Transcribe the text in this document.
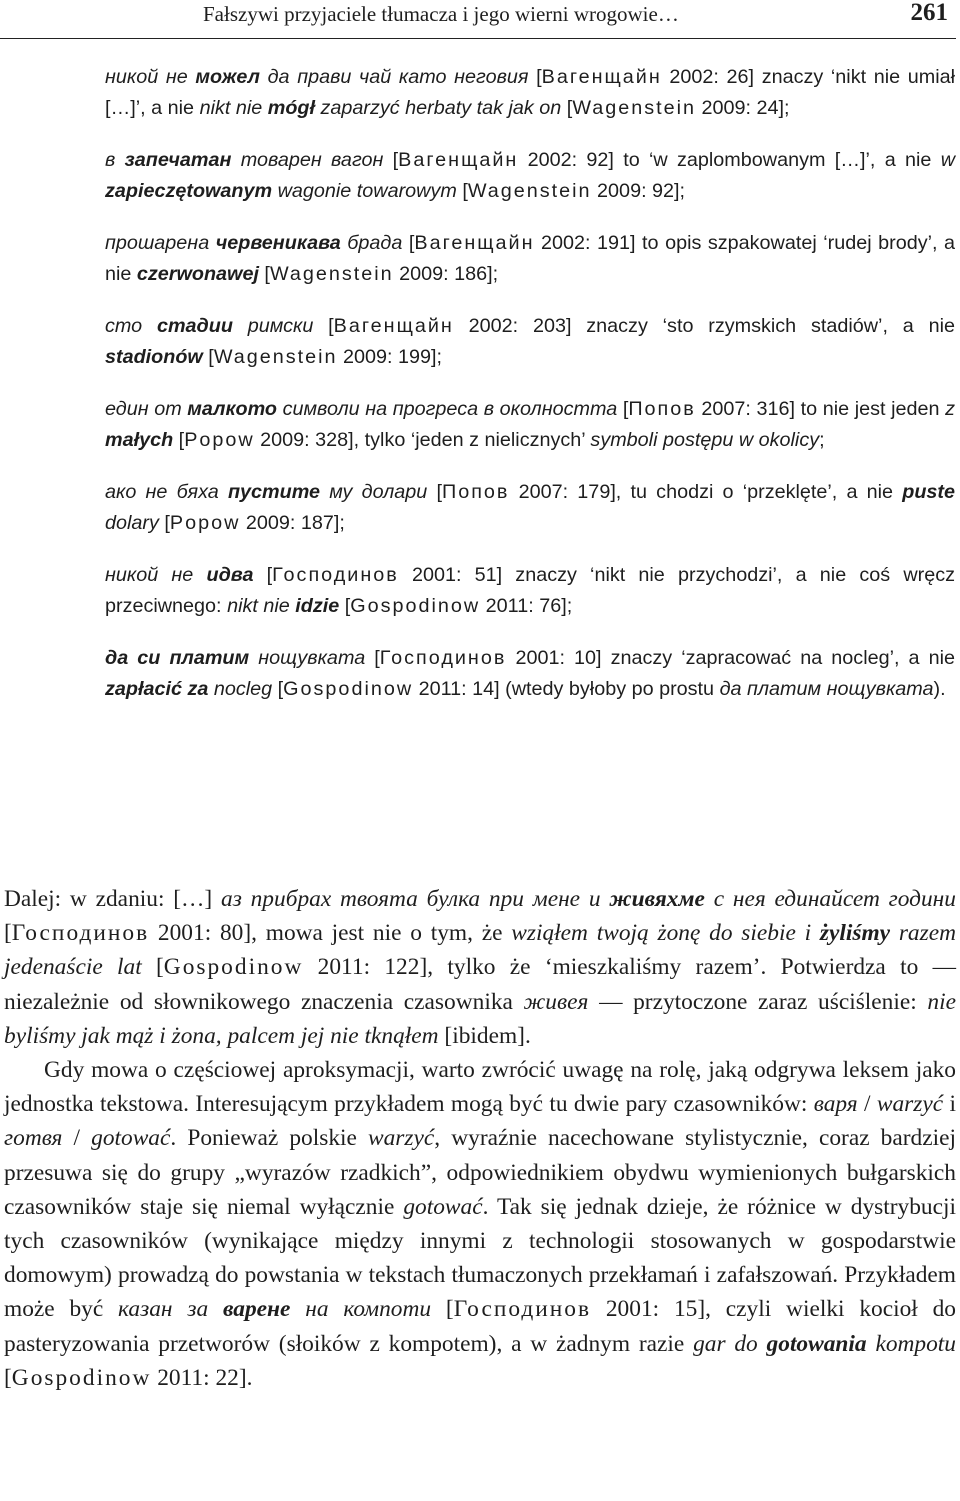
Fałszywi przyjaciele tłumacza i jego wierni wrogowie…	261

никой не можел да прави чай като неговия [Вагенщайн 2002: 26] znaczy ‘nikt nie umiał […]’, a nie nikt nie mógł zaparzyć herbaty tak jak on [Wagenstein 2009: 24];

в запечатан товарен вагон [Вагенщайн 2002: 92] to ‘w zaplombowanym […]’, a nie w zapieczętowanym wagonie towarowym [Wagenstein 2009: 92];

прошарена червеникава брада [Вагенщайн 2002: 191] to opis szpakowatej ‘rudej brody’, a nie czerwonawej [Wagenstein 2009: 186];

сто стадии римски [Вагенщайн 2002: 203] znaczy ‘sto rzymskich stadiów’, a nie stadionów [Wagenstein 2009: 199];

един от малкото символи на прогреса в околността [Попов 2007: 316] to nie jest jeden z małych [Popow 2009: 328], tylko ‘jeden z nielicznych’ symboli postępu w okolicy;

ако не бяха пустите му долари [Попов 2007: 179], tu chodzi o ‘przeklęte’, a nie puste dolary [Popow 2009: 187];

никой не идва [Господинов 2001: 51] znaczy ‘nikt nie przychodzi’, a nie coś wręcz przeciwnego: nikt nie idzie [Gospodinow 2011: 76];

да си платим нощувката [Господинов 2001: 10] znaczy ‘zapracować na nocleg’, a nie zapłacić za nocleg [Gospodinow 2011: 14] (wtedy byłoby po prostu да платим нощувката).

Dalej: w zdaniu: […] аз прибрах твоята булка при мене и живяхме с нея единайсет години [Господинов 2001: 80], mowa jest nie o tym, że wziąłem twoją żonę do siebie i żyliśmy razem jedenaście lat [Gospodinow 2011: 122], tylko że ‘mieszkaliśmy razem’. Potwierdza to — niezależnie od słownikowego znaczenia czasownika живея — przytoczone zaraz uściślenie: nie byliśmy jak mąż i żona, palcem jej nie tknąłem [ibidem].

Gdy mowa o częściowej aproksymacji, warto zwrócić uwagę na rolę, jaką odgrywa leksem jako jednostka tekstowa. Interesującym przykładem mogą być tu dwie pary czasowników: варя / warzyć i готвя / gotować. Ponieważ polskie warzyć, wyraźnie nacechowane stylistycznie, coraz bardziej przesuwa się do grupy „wyrazów rzadkich”, odpowiednikiem obydwu wymienionych bułgarskich czasowników staje się niemal wyłącznie gotować. Tak się jednak dzieje, że różnice w dystrybucji tych czasowników (wynikające między innymi z technologii stosowanych w gospodarstwie domowym) prowadzą do powstania w tekstach tłumaczonych przekłamań i zafałszowań. Przykładem może być казан за варене на компоти [Господинов 2001: 15], czyli wielki kocioł do pasteryzowania przetworów (słoików z kompotem), a w żadnym razie gar do gotowania kompotu [Gospodinow 2011: 22].
